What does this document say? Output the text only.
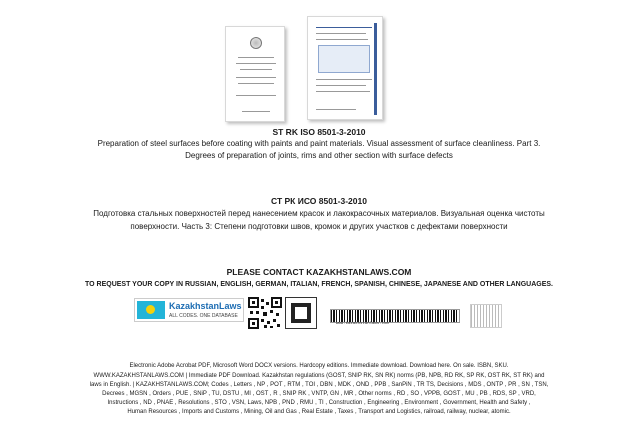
ST RK ISO 8501-3-2010
Preparation of steel surfaces before coating with paints and paint materials. Visual assessment of surface cleanliness. Part 3.
Degrees of preparation of joints, rims and other section with surface defects
СТ РК ИСО 8501-3-2010
Подготовка стальных поверхностей перед нанесением красок и лакокрасочных материалов. Визуальная оценка чистоты
поверхности. Часть 3: Степени подготовки швов, кромок и других участков с дефектами поверхности
PLEASE CONTACT KAZAKHSTANLAWS.COM
TO REQUEST YOUR COPY IN RUSSIAN, ENGLISH, GERMAN, ITALIAN, FRENCH, SPANISH, CHINESE, JAPANESE AND OTHER LANGUAGES.
KazakhstanLaws
ALL CODES. ONE DATABASE
www.kazakhstanlaws.com
Electronic Adobe Acrobat PDF, Microsoft Word DOCX versions. Hardcopy editions. Immediate download. Download here. On sale. ISBN, SKU.
WWW.KAZAKHSTANLAWS.COM | Immediate PDF Download. Kazakhstan regulations (GOST, SNIP RK, SN RK) norms (PB, NPB, RD RK, SP RK, OST RK, ST RK) and
laws in English. | KAZAKHSTANLAWS.COM; Codes , Letters , NP , POT , RTM , TOI , DBN , MDK , OND , PPB , SanPiN , TR TS, Decisions , MDS , ONTP , PR , SN , TSN,
Decrees , MGSN , Orders , PUE , SNiP , TU, DSTU , MI , OST , R , SNIP RK , VNTP, GN , MR , Other norms , RD , SO , VPPB, GOST , MU , PB , RDS, SP , VRD,
Instructions , ND , PNAE , Resolutions , STO , VSN, Laws, NPB , PND , RMU , TI , Construction , Engineering , Environment , Government, Health and Safety ,
Human Resources , Imports and Customs , Mining, Oil and Gas , Real Estate , Taxes , Transport and Logistics, railroad, railway, nuclear, atomic.
